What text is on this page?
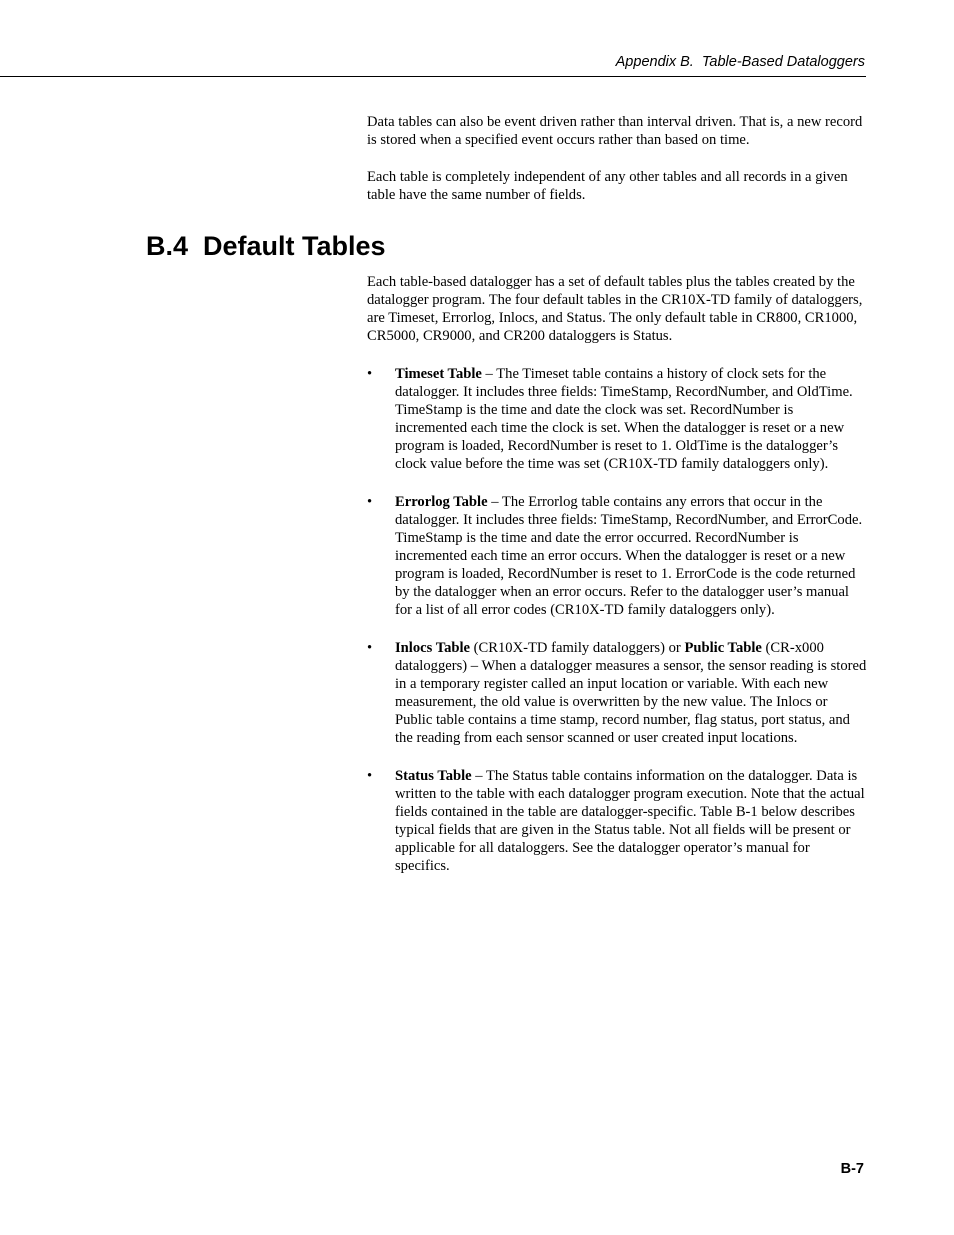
Appendix B.  Table-Based Dataloggers

Data tables can also be event driven rather than interval driven. That is, a new record is stored when a specified event occurs rather than based on time.

Each table is completely independent of any other tables and all records in a given table have the same number of fields.

B.4  Default Tables

Each table-based datalogger has a set of default tables plus the tables created by the datalogger program. The four default tables in the CR10X-TD family of dataloggers, are Timeset, Errorlog, Inlocs, and Status. The only default table in CR800, CR1000, CR5000, CR9000, and CR200 dataloggers is Status.

• Timeset Table – The Timeset table contains a history of clock sets for the datalogger. It includes three fields: TimeStamp, RecordNumber, and OldTime. TimeStamp is the time and date the clock was set. RecordNumber is incremented each time the clock is set. When the datalogger is reset or a new program is loaded, RecordNumber is reset to 1. OldTime is the datalogger’s clock value before the time was set (CR10X-TD family dataloggers only).
• Errorlog Table – The Errorlog table contains any errors that occur in the datalogger. It includes three fields: TimeStamp, RecordNumber, and ErrorCode. TimeStamp is the time and date the error occurred. RecordNumber is incremented each time an error occurs. When the datalogger is reset or a new program is loaded, RecordNumber is reset to 1. ErrorCode is the code returned by the datalogger when an error occurs. Refer to the datalogger user’s manual for a list of all error codes (CR10X-TD family dataloggers only).
• Inlocs Table (CR10X-TD family dataloggers) or Public Table (CR-x000 dataloggers) – When a datalogger measures a sensor, the sensor reading is stored in a temporary register called an input location or variable. With each new measurement, the old value is overwritten by the new value. The Inlocs or Public table contains a time stamp, record number, flag status, port status, and the reading from each sensor scanned or user created input locations.
• Status Table – The Status table contains information on the datalogger. Data is written to the table with each datalogger program execution. Note that the actual fields contained in the table are datalogger-specific. Table B-1 below describes typical fields that are given in the Status table. Not all fields will be present or applicable for all dataloggers. See the datalogger operator’s manual for specifics.
B-7
